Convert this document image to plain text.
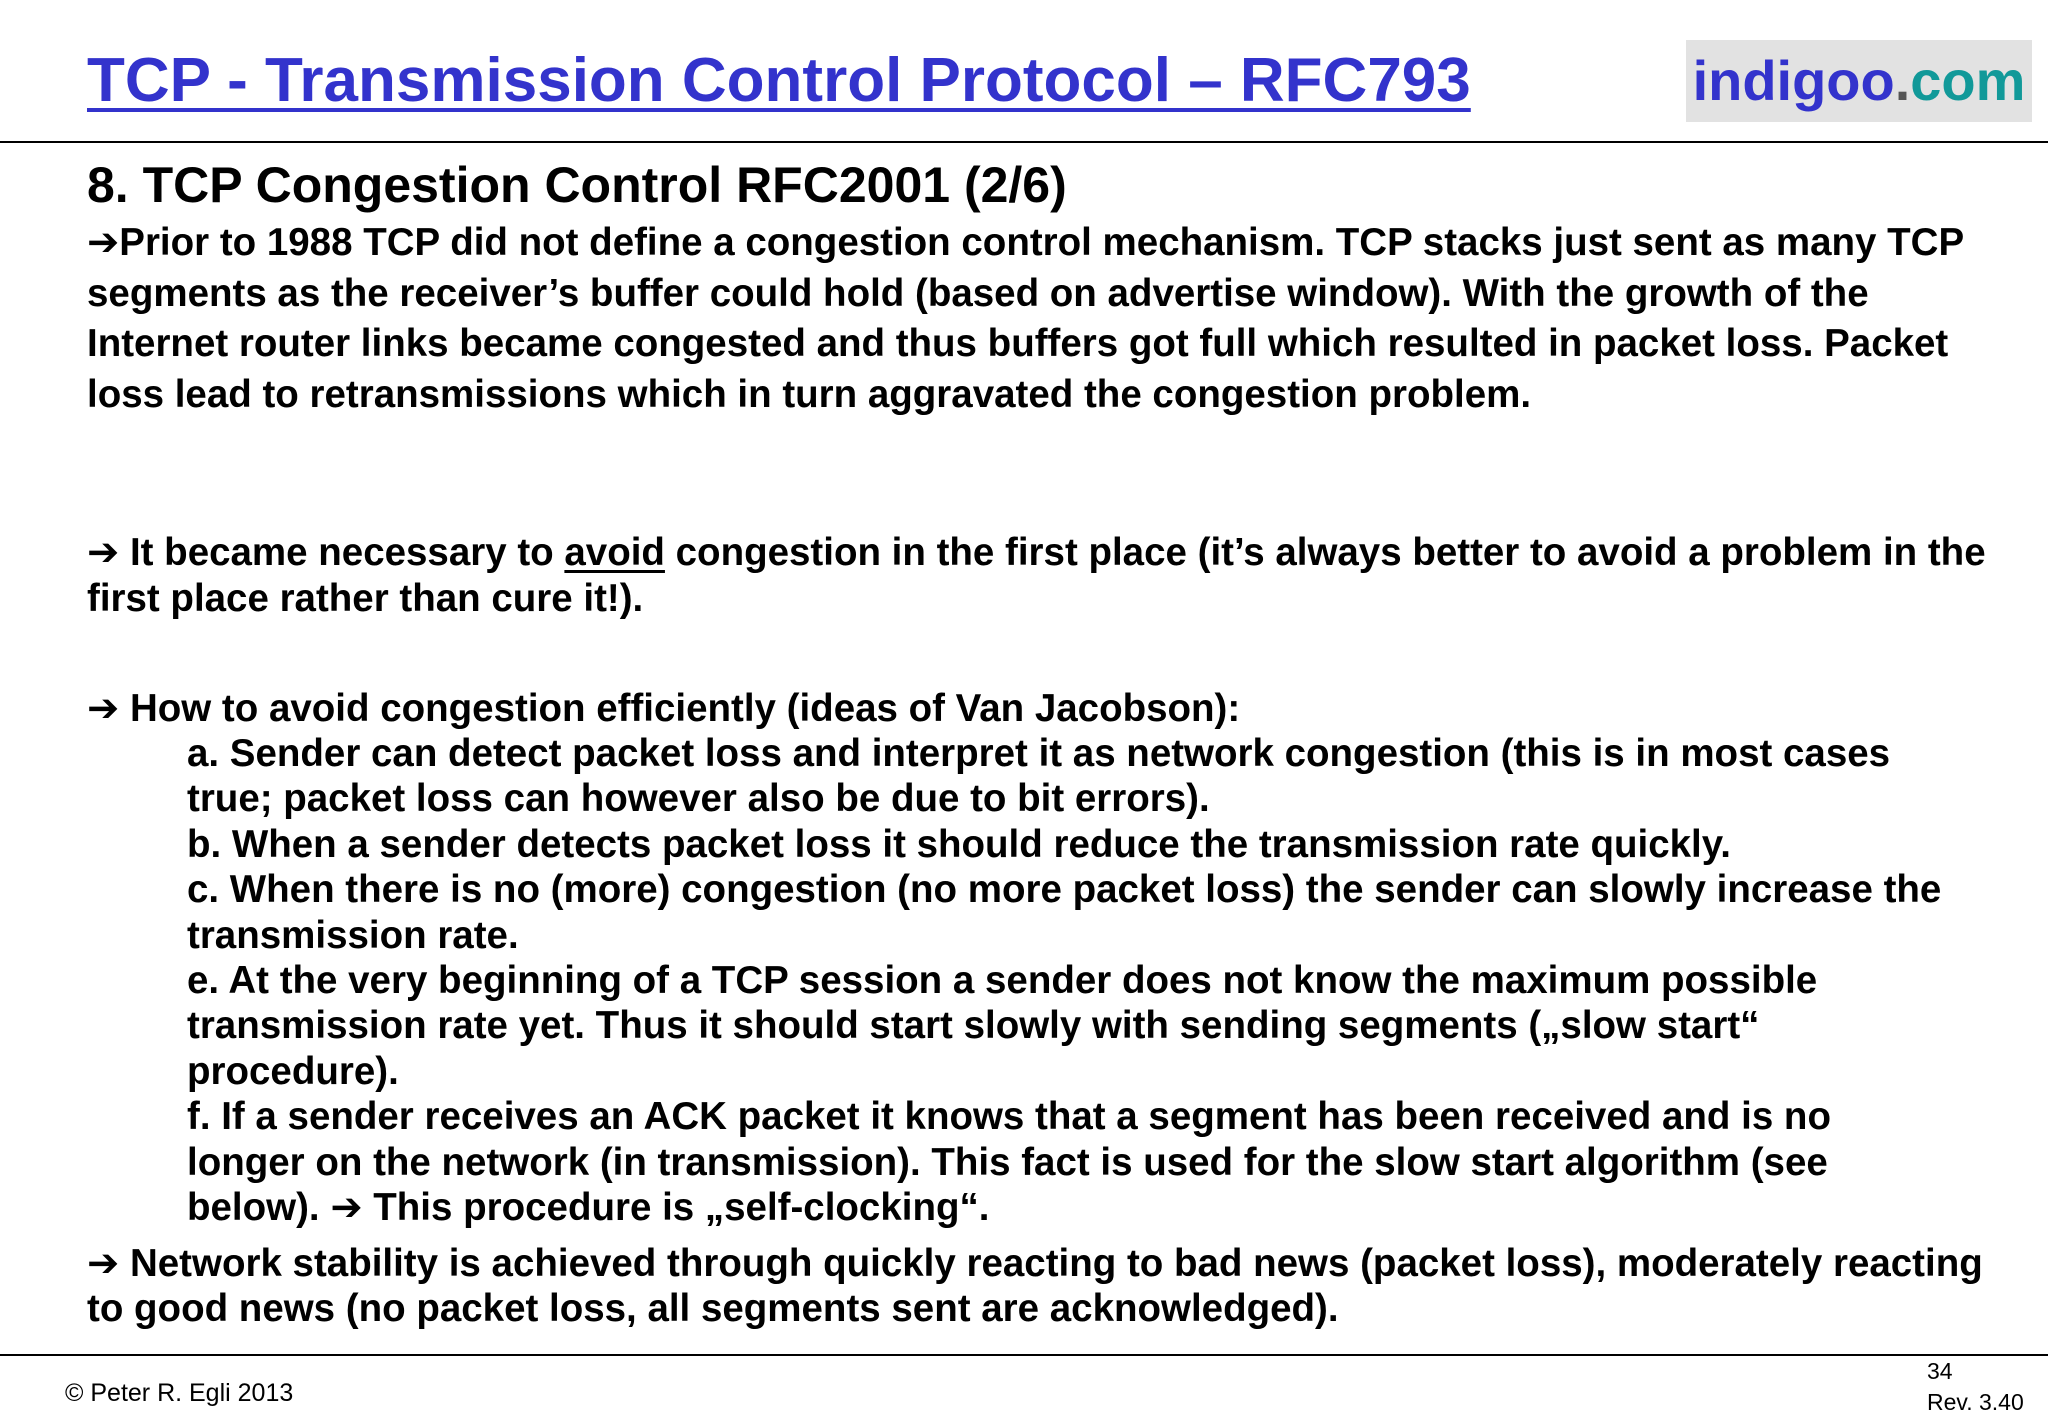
TCP - Transmission Control Protocol – RFC793	indigoo . com
8. TCP Congestion Control RFC2001 (2/6)

➔Prior to 1988 TCP did not define a congestion control mechanism. TCP stacks just sent as many TCP segments as the receiver’s buffer could hold (based on advertise window). With the growth of the Internet router links became congested and thus buffers got full which resulted in packet loss. Packet loss lead to retransmissions which in turn aggravated the congestion problem.

➔ It became necessary to avoid congestion in the first place (it’s always better to avoid a problem in the first place rather than cure it!).

➔ How to avoid congestion efficiently (ideas of Van Jacobson):

a. Sender can detect packet loss and interpret it as network congestion (this is in most cases true; packet loss can however also be due to bit errors).
b. When a sender detects packet loss it should reduce the transmission rate quickly.
c. When there is no (more) congestion (no more packet loss) the sender can slowly increase the transmission rate.
e. At the very beginning of a TCP session a sender does not know the maximum possible transmission rate yet. Thus it should start slowly with sending segments („slow start“ procedure).
f. If a sender receives an ACK packet it knows that a segment has been received and is no longer on the network (in transmission). This fact is used for the slow start algorithm (see below). ➔ This procedure is „self-clocking“.

➔ Network stability is achieved through quickly reacting to bad news (packet loss), moderately reacting to good news (no packet loss, all segments sent are acknowledged).

© Peter R. Egli 2013
34
Rev. 3.40
